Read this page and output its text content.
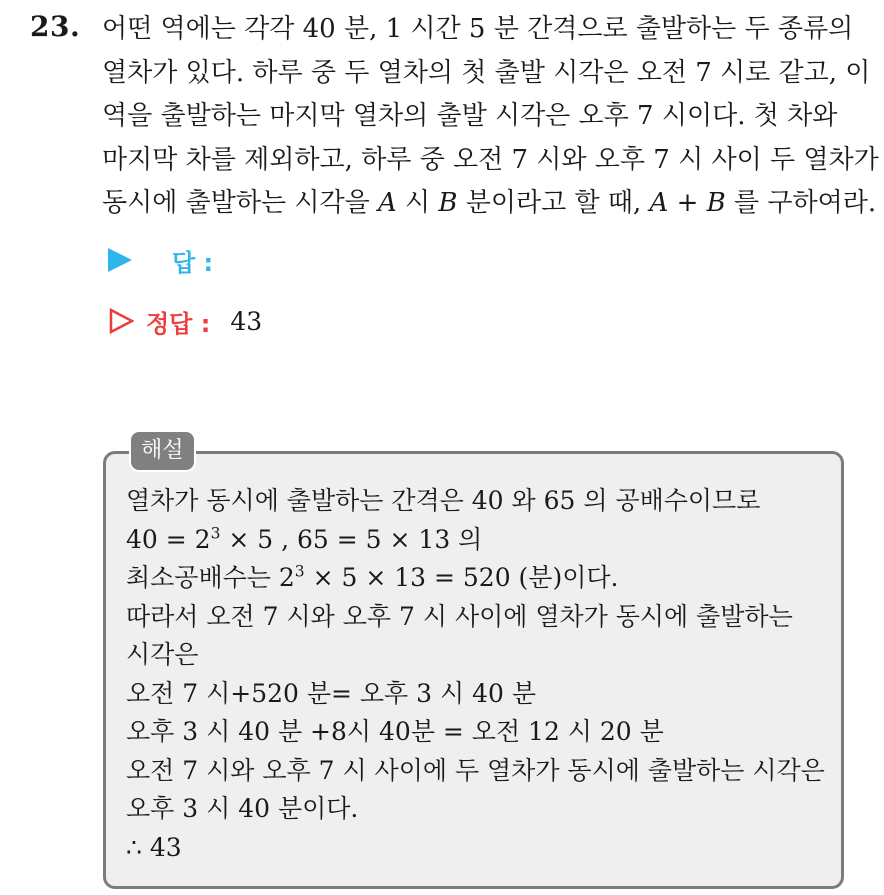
23. 어떤 역에는 각각 40 분, 1 시간 5 분 간격으로 출발하는 두 종류의
열차가 있다. 하루 중 두 열차의 첫 출발 시각은 오전 7 시로 같고, 이
역을 출발하는 마지막 열차의 출발 시각은 오후 7 시이다. 첫 차와
마지막 차를 제외하고, 하루 중 오전 7 시와 오후 7 시 사이 두 열차가
동시에 출발하는 시각을 A 시 B 분이라고 할 때, A + B 를 구하여라.
답 :
정답 : 43
해설
열차가 동시에 출발하는 간격은 40 와 65 의 공배수이므로
$40 = 2^3 \times 5$ , 65 = 5 × 13 의
최소공배수는 $2^3 \times 5 \times 13 = 520$ (분)이다.
따라서 오전 7 시와 오후 7 시 사이에 열차가 동시에 출발하는
시각은
오전 7 시+520 분= 오후 3 시 40 분
오후 3 시 40 분 +8시 40분 = 오전 12 시 20 분
오전 7 시와 오후 7 시 사이에 두 열차가 동시에 출발하는 시각은
오후 3 시 40 분이다.
∴ 43
